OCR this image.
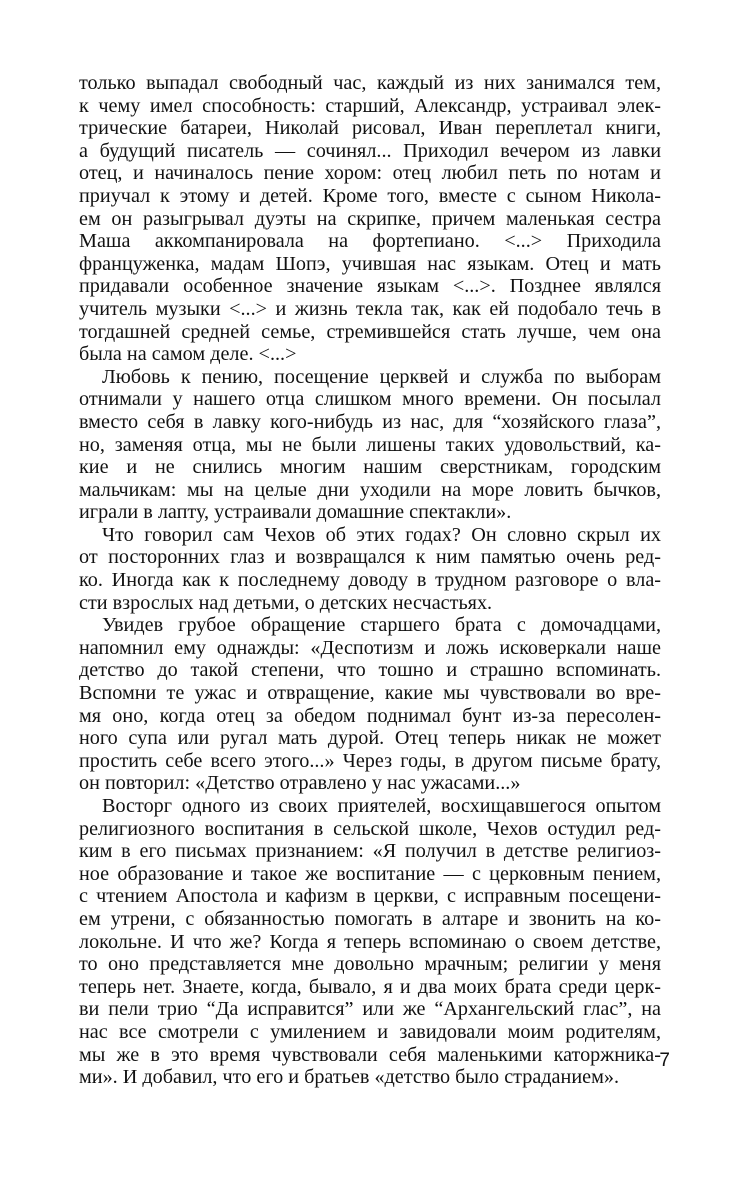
только выпадал свободный час, каждый из них занимался тем,
к чему имел способность: старший, Александр, устраивал элек-
трические батареи, Николай рисовал, Иван переплетал книги,
а будущий писатель — сочинял... Приходил вечером из лавки
отец, и начиналось пение хором: отец любил петь по нотам и
приучал к этому и детей. Кроме того, вместе с сыном Никола-
ем он разыгрывал дуэты на скрипке, причем маленькая сестра
Маша аккомпанировала на фортепиано. <...> Приходила
француженка, мадам Шопэ, учившая нас языкам. Отец и мать
придавали особенное значение языкам <...>. Позднее являлся
учитель музыки <...> и жизнь текла так, как ей подобало течь в
тогдашней средней семье, стремившейся стать лучше, чем она
была на самом деле. <...>
Любовь к пению, посещение церквей и служба по выборам
отнимали у нашего отца слишком много времени. Он посылал
вместо себя в лавку кого-нибудь из нас, для “хозяйского глаза”,
но, заменяя отца, мы не были лишены таких удовольствий, ка-
кие и не снились многим нашим сверстникам, городским
мальчикам: мы на целые дни уходили на море ловить бычков,
играли в лапту, устраивали домашние спектакли».
Что говорил сам Чехов об этих годах? Он словно скрыл их
от посторонних глаз и возвращался к ним памятью очень ред-
ко. Иногда как к последнему доводу в трудном разговоре о вла-
сти взрослых над детьми, о детских несчастьях.
Увидев грубое обращение старшего брата с домочадцами,
напомнил ему однажды: «Деспотизм и ложь исковеркали наше
детство до такой степени, что тошно и страшно вспоминать.
Вспомни те ужас и отвращение, какие мы чувствовали во вре-
мя оно, когда отец за обедом поднимал бунт из-за пересолен-
ного супа или ругал мать дурой. Отец теперь никак не может
простить себе всего этого...» Через годы, в другом письме брату,
он повторил: «Детство отравлено у нас ужасами...»
Восторг одного из своих приятелей, восхищавшегося опытом
религиозного воспитания в сельской школе, Чехов остудил ред-
ким в его письмах признанием: «Я получил в детстве религиоз-
ное образование и такое же воспитание — с церковным пением,
с чтением Апостола и кафизм в церкви, с исправным посещени-
ем утрени, с обязанностью помогать в алтаре и звонить на ко-
локольне. И что же? Когда я теперь вспоминаю о своем детстве,
то оно представляется мне довольно мрачным; религии у меня
теперь нет. Знаете, когда, бывало, я и два моих брата среди церк-
ви пели трио “Да исправится” или же “Архангельский глас”, на
нас все смотрели с умилением и завидовали моим родителям,
мы же в это время чувствовали себя маленькими каторжника-
ми». И добавил, что его и братьев «детство было страданием».
7
